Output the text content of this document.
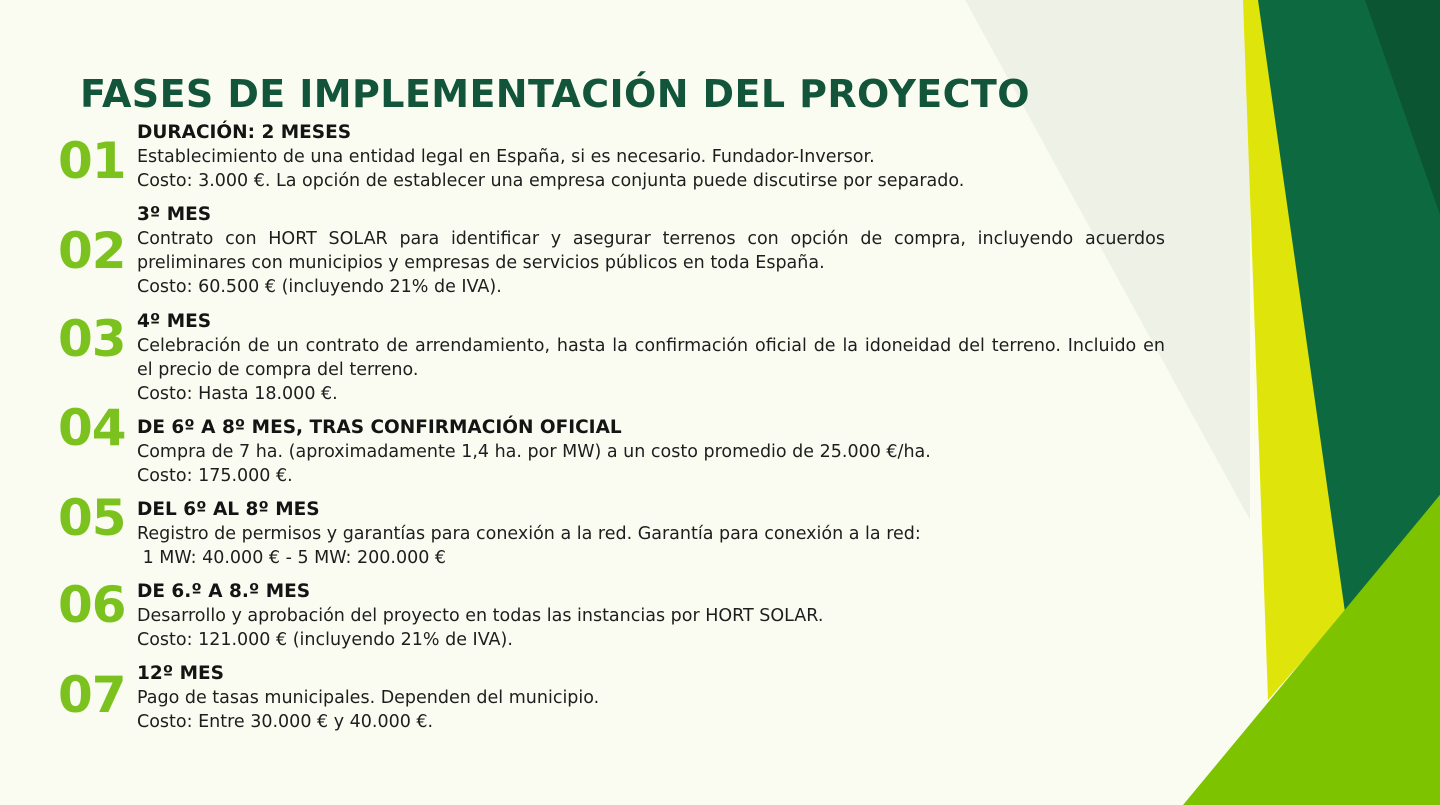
FASES DE IMPLEMENTACIÓN DEL PROYECTO
01 DURACIÓN: 2 MESES
Establecimiento de una entidad legal en España, si es necesario. Fundador-Inversor.
Costo: 3.000 €. La opción de establecer una empresa conjunta puede discutirse por separado.
02
3º MES
Contrato con HORT SOLAR para identificar y asegurar terrenos con opción de compra, incluyendo acuerdos preliminares con municipios y empresas de servicios públicos en toda España.
Costo: 60.500 € (incluyendo 21% de IVA).
03 4º MES
Celebración de un contrato de arrendamiento, hasta la confirmación oficial de la idoneidad del terreno. Incluido en el precio de compra del terreno.
Costo: Hasta 18.000 €.
04 DE 6º A 8º MES, TRAS CONFIRMACIÓN OFICIAL
Compra de 7 ha. (aproximadamente 1,4 ha. por MW) a un costo promedio de 25.000 €/ha.
Costo: 175.000 €.
05 DEL 6º AL 8º MES
Registro de permisos y garantías para conexión a la red. Garantía para conexión a la red:
1 MW: 40.000 € - 5 MW: 200.000 €
06 DE 6.º A 8.º MES
Desarrollo y aprobación del proyecto en todas las instancias por HORT SOLAR.
Costo: 121.000 € (incluyendo 21% de IVA).
07 12º MES
Pago de tasas municipales. Dependen del municipio.
Costo: Entre 30.000 € y 40.000 €.
